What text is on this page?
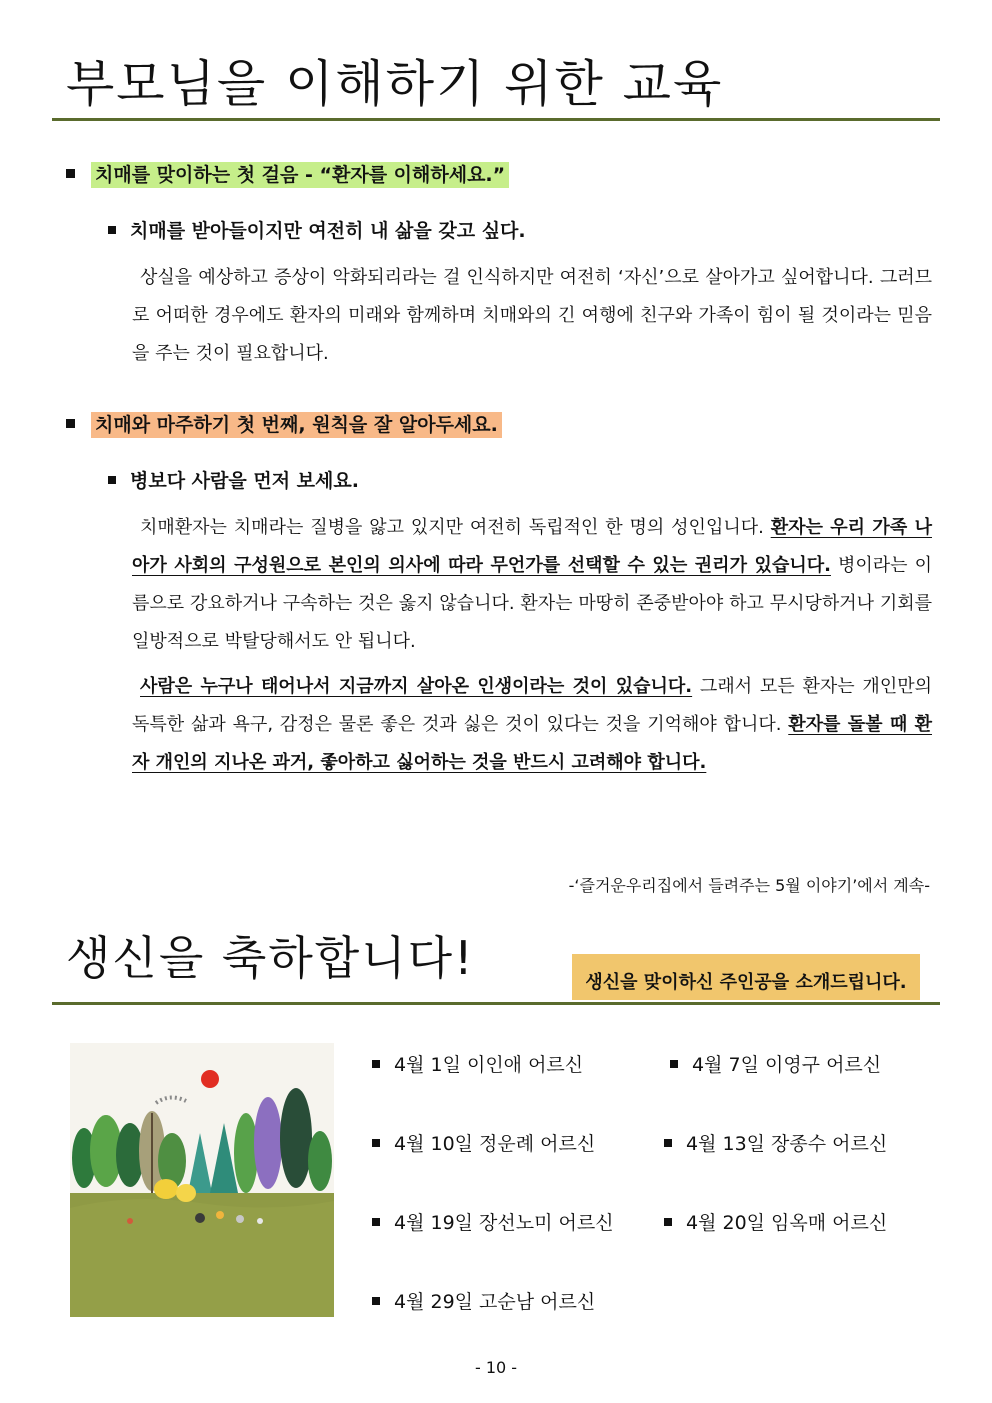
부모님을 이해하기 위한 교육
치매를 맞이하는 첫 걸음 - “환자를 이해하세요.”
치매를 받아들이지만 여전히 내 삶을 갖고 싶다.

상실을 예상하고 증상이 악화되리라는 걸 인식하지만 여전히 ‘자신’으로 살아가고 싶어합니다. 그러므로 어떠한 경우에도 환자의 미래와 함께하며 치매와의 긴 여행에 친구와 가족이 힘이 될 것이라는 믿음을 주는 것이 필요합니다.

치매와 마주하기 첫 번째, 원칙을 잘 알아두세요.
병보다 사람을 먼저 보세요.

치매환자는 치매라는 질병을 앓고 있지만 여전히 독립적인 한 명의 성인입니다. 환자는 우리 가족 나아가 사회의 구성원으로 본인의 의사에 따라 무언가를 선택할 수 있는 권리가 있습니다. 병이라는 이름으로 강요하거나 구속하는 것은 옳지 않습니다. 환자는 마땅히 존중받아야 하고 무시당하거나 기회를 일방적으로 박탈당해서도 안 됩니다.

사람은 누구나 태어나서 지금까지 살아온 인생이라는 것이 있습니다. 그래서 모든 환자는 개인만의 독특한 삶과 욕구, 감정은 물론 좋은 것과 싫은 것이 있다는 것을 기억해야 합니다. 환자를 돌볼 때 환자 개인의 지나온 과거, 좋아하고 싫어하는 것을 반드시 고려해야 합니다.

-‘즐거운우리집에서 들려주는 5월 이야기’에서 계속-
생신을 축하합니다!	생신을 맞이하신 주인공을 소개드립니다.
4월 1일 이인애 어르신	4월 7일 이영구 어르신
4월 10일 정운례 어르신	4월 13일 장종수 어르신
4월 19일 장선노미 어르신	4월 20일 임옥매 어르신
4월 29일 고순남 어르신
- 10 -
